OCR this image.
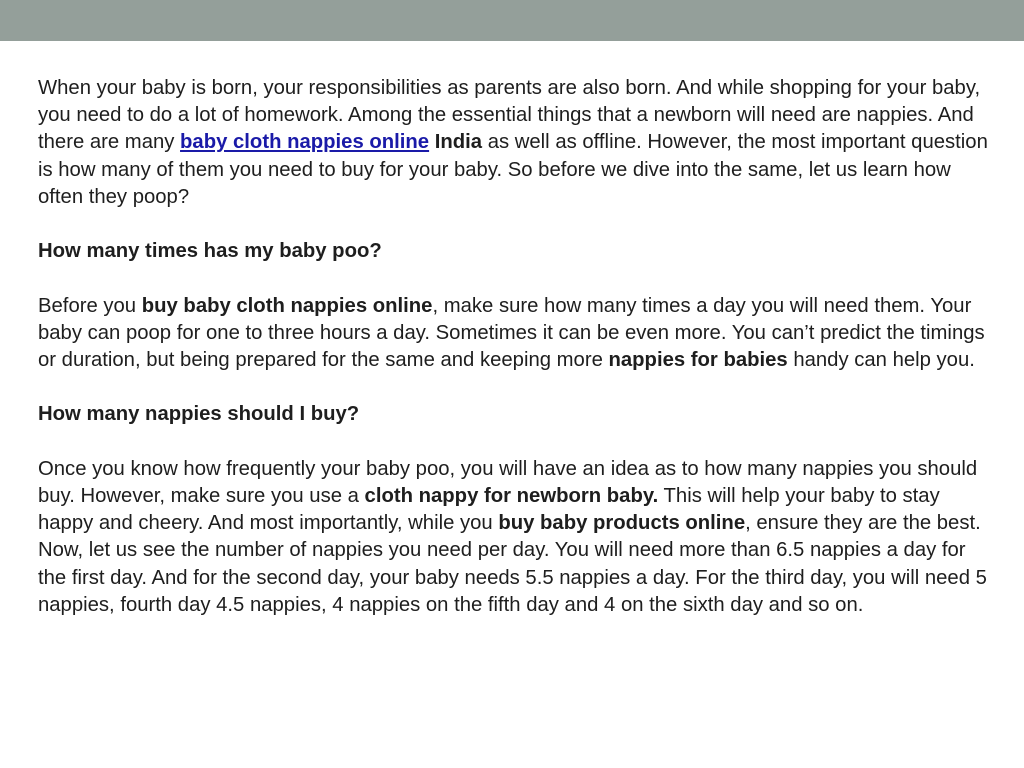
When your baby is born, your responsibilities as parents are also born. And while shopping for your baby, you need to do a lot of homework. Among the essential things that a newborn will need are nappies. And there are many baby cloth nappies online India as well as offline. However, the most important question is how many of them you need to buy for your baby. So before we dive into the same, let us learn how often they poop?

How many times has my baby poo?

Before you buy baby cloth nappies online, make sure how many times a day you will need them. Your baby can poop for one to three hours a day. Sometimes it can be even more. You can’t predict the timings or duration, but being prepared for the same and keeping more nappies for babies handy can help you.

How many nappies should I buy?

Once you know how frequently your baby poo, you will have an idea as to how many nappies you should buy. However, make sure you use a cloth nappy for newborn baby. This will help your baby to stay happy and cheery. And most importantly, while you buy baby products online, ensure they are the best. Now, let us see the number of nappies you need per day. You will need more than 6.5 nappies a day for the first day. And for the second day, your baby needs 5.5 nappies a day. For the third day, you will need 5 nappies, fourth day 4.5 nappies, 4 nappies on the fifth day and 4 on the sixth day and so on.
